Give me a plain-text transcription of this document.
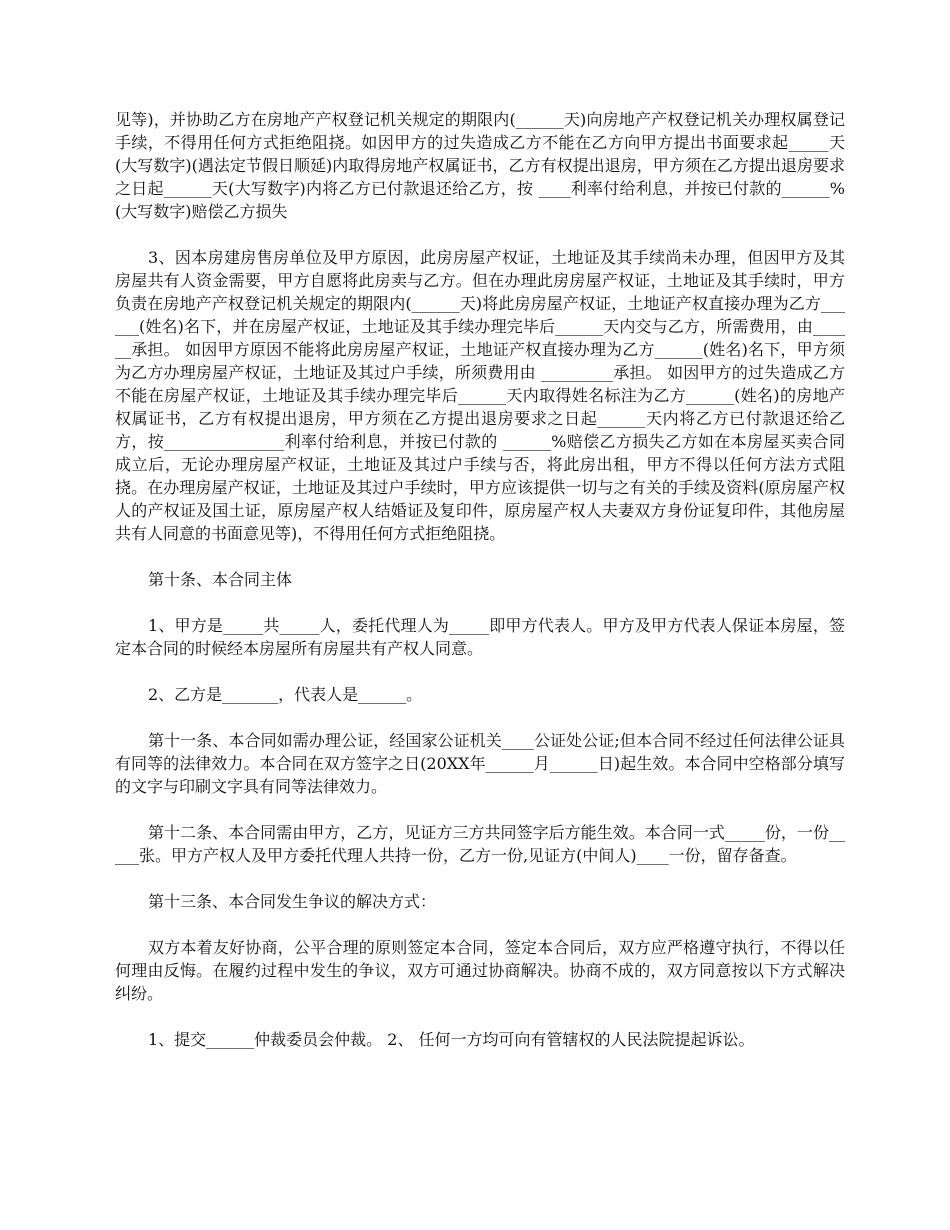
见等)，并协助乙方在房地产产权登记机关规定的期限内(______天)向房地产产权登记机关办理权属登记手续，不得用任何方式拒绝阻挠。如因甲方的过失造成乙方不能在乙方向甲方提出书面要求起_____天(大写数字)(遇法定节假日顺延)内取得房地产权属证书，乙方有权提出退房，甲方须在乙方提出退房要求之日起______天(大写数字)内将乙方已付款退还给乙方，按 ____利率付给利息，并按已付款的______%(大写数字)赔偿乙方损失

3、因本房建房售房单位及甲方原因，此房房屋产权证，土地证及其手续尚未办理，但因甲方及其房屋共有人资金需要，甲方自愿将此房卖与乙方。但在办理此房房屋产权证，土地证及其手续时，甲方负责在房地产产权登记机关规定的期限内(______天)将此房房屋产权证，土地证产权直接办理为乙方______(姓名)名下，并在房屋产权证，土地证及其手续办理完毕后______天内交与乙方，所需费用，由______承担。 如因甲方原因不能将此房房屋产权证，土地证产权直接办理为乙方______(姓名)名下，甲方须为乙方办理房屋产权证，土地证及其过户手续，所须费用由 _________承担。 如因甲方的过失造成乙方不能在房屋产权证，土地证及其手续办理完毕后______天内取得姓名标注为乙方______(姓名)的房地产权属证书，乙方有权提出退房，甲方须在乙方提出退房要求之日起______天内将乙方已付款退还给乙方，按_______________利率付给利息，并按已付款的 ______%赔偿乙方损失乙方如在本房屋买卖合同成立后，无论办理房屋产权证，土地证及其过户手续与否，将此房出租，甲方不得以任何方法方式阻挠。在办理房屋产权证，土地证及其过户手续时，甲方应该提供一切与之有关的手续及资料(原房屋产权人的产权证及国土证，原房屋产权人结婚证及复印件，原房屋产权人夫妻双方身份证复印件，其他房屋共有人同意的书面意见等)，不得用任何方式拒绝阻挠。

第十条、本合同主体

1、甲方是_____共_____人，委托代理人为_____即甲方代表人。甲方及甲方代表人保证本房屋，签定本合同的时候经本房屋所有房屋共有产权人同意。

2、乙方是_______，代表人是______。

第十一条、本合同如需办理公证，经国家公证机关____公证处公证;但本合同不经过任何法律公证具有同等的法律效力。本合同在双方签字之日(20XX年______月______日)起生效。本合同中空格部分填写的文字与印刷文字具有同等法律效力。

第十二条、本合同需由甲方，乙方，见证方三方共同签字后方能生效。本合同一式_____份，一份_____张。甲方产权人及甲方委托代理人共持一份，乙方一份,见证方(中间人)____一份，留存备查。

第十三条、本合同发生争议的解决方式：

双方本着友好协商，公平合理的原则签定本合同，签定本合同后，双方应严格遵守执行，不得以任何理由反悔。在履约过程中发生的争议，双方可通过协商解决。协商不成的，双方同意按以下方式解决纠纷。

1、提交______仲裁委员会仲裁。 2、 任何一方均可向有管辖权的人民法院提起诉讼。
